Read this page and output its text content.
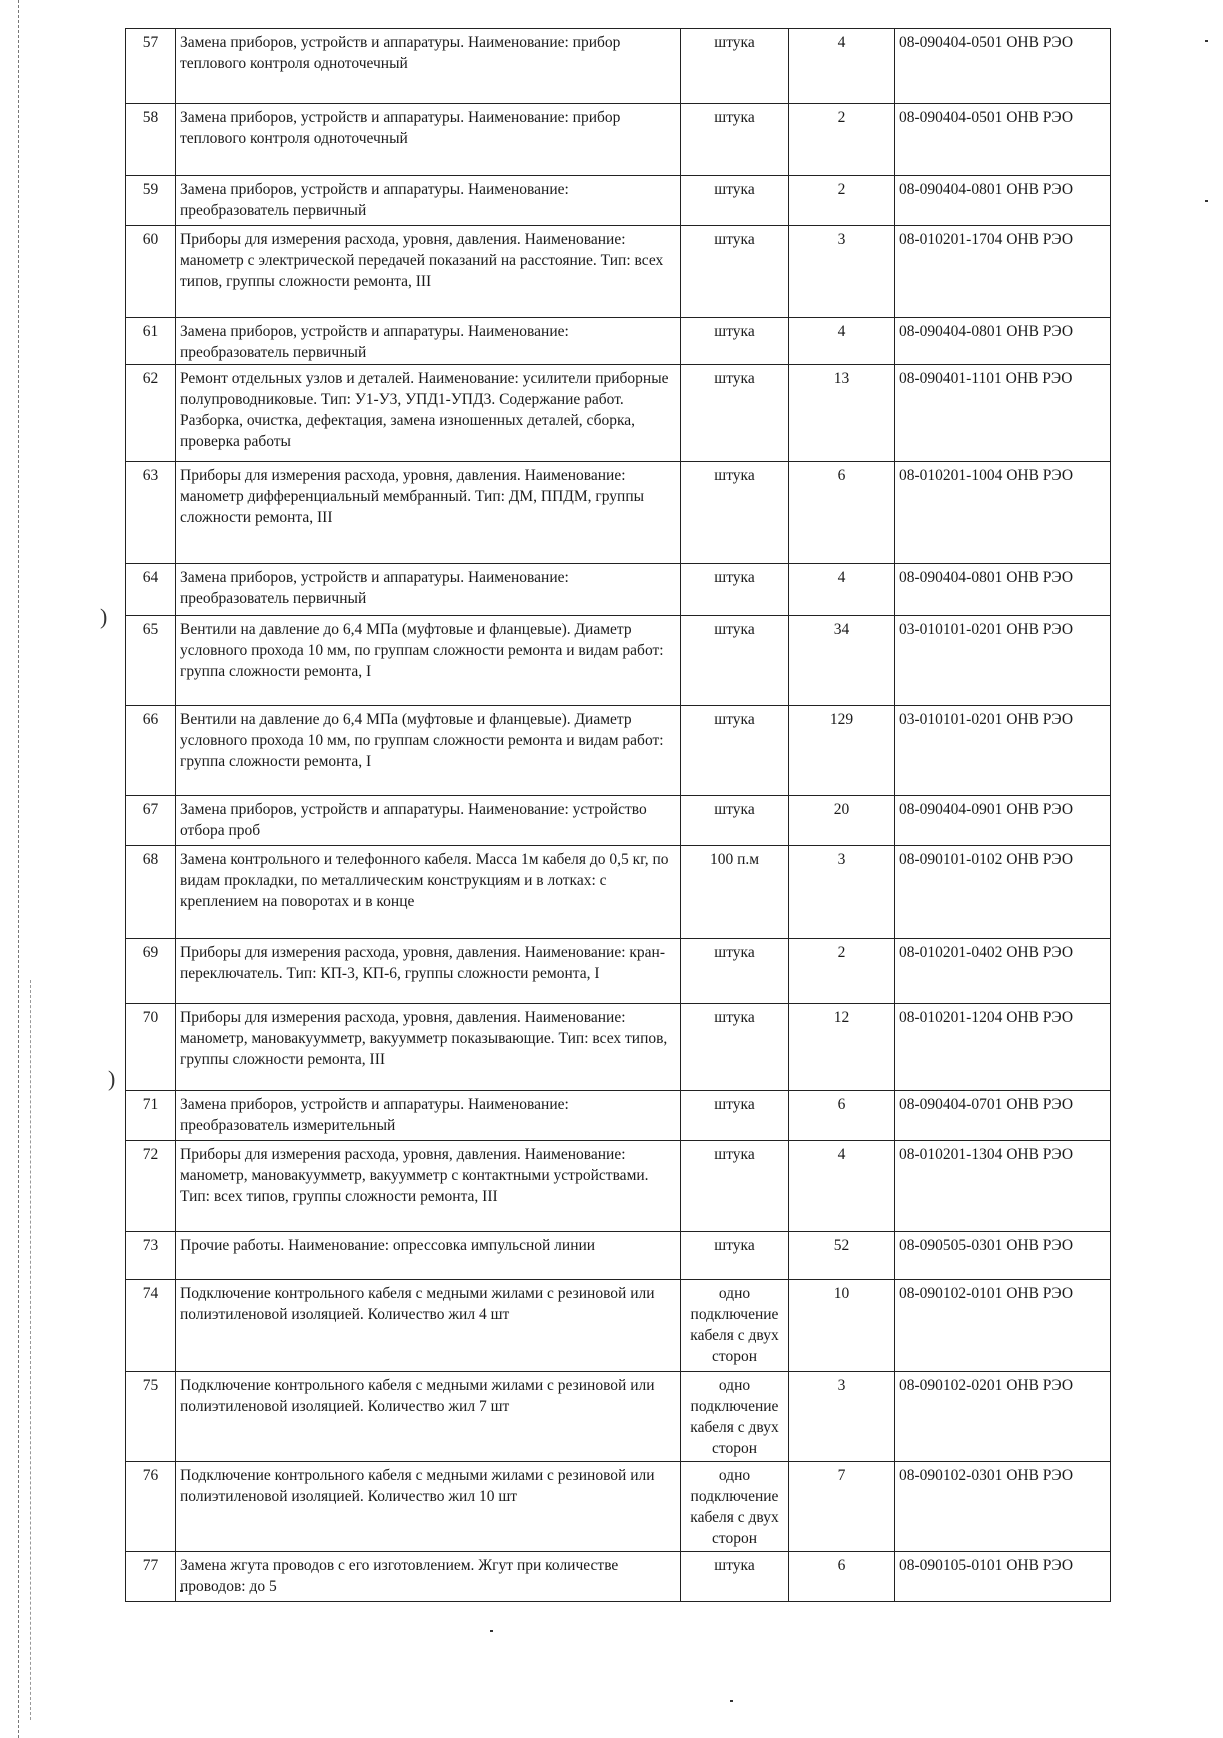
)
)
57	Замена приборов, устройств и аппаратуры. Наименование: прибор теплового контроля одноточечный	штука	4	08-090404-0501 ОНВ РЭО
58	Замена приборов, устройств и аппаратуры. Наименование: прибор теплового контроля одноточечный	штука	2	08-090404-0501 ОНВ РЭО
59	Замена приборов, устройств и аппаратуры. Наименование: преобразователь первичный	штука	2	08-090404-0801 ОНВ РЭО
60	Приборы для измерения расхода, уровня, давления. Наименование: манометр с электрической передачей показаний на расстояние. Тип: всех типов, группы сложности ремонта, III	штука	3	08-010201-1704 ОНВ РЭО
61	Замена приборов, устройств и аппаратуры. Наименование: преобразователь первичный	штука	4	08-090404-0801 ОНВ РЭО
62	Ремонт отдельных узлов и деталей. Наименование: усилители приборные полупроводниковые. Тип: У1-У3, УПД1-УПД3. Содержание работ. Разборка, очистка, дефектация, замена изношенных деталей, сборка, проверка работы	штука	13	08-090401-1101 ОНВ РЭО
63	Приборы для измерения расхода, уровня, давления. Наименование: манометр дифференциальный мембранный. Тип: ДМ, ППДМ, группы сложности ремонта, III	штука	6	08-010201-1004 ОНВ РЭО
64	Замена приборов, устройств и аппаратуры. Наименование: преобразователь первичный	штука	4	08-090404-0801 ОНВ РЭО
65	Вентили на давление до 6,4 МПа (муфтовые и фланцевые). Диаметр условного прохода 10 мм, по группам сложности ремонта и видам работ: группа сложности ремонта, I	штука	34	03-010101-0201 ОНВ РЭО
66	Вентили на давление до 6,4 МПа (муфтовые и фланцевые). Диаметр условного прохода 10 мм, по группам сложности ремонта и видам работ: группа сложности ремонта, I	штука	129	03-010101-0201 ОНВ РЭО
67	Замена приборов, устройств и аппаратуры. Наименование: устройство отбора проб	штука	20	08-090404-0901 ОНВ РЭО
68	Замена контрольного и телефонного кабеля. Масса 1м кабеля до 0,5 кг, по видам прокладки, по металлическим конструкциям и в лотках: с креплением на поворотах и в конце	100 п.м	3	08-090101-0102 ОНВ РЭО
69	Приборы для измерения расхода, уровня, давления. Наименование: кран-переключатель. Тип: КП-3, КП-6, группы сложности ремонта, I	штука	2	08-010201-0402 ОНВ РЭО
70	Приборы для измерения расхода, уровня, давления. Наименование: манометр, мановакуумметр, вакуумметр показывающие. Тип: всех типов, группы сложности ремонта, III	штука	12	08-010201-1204 ОНВ РЭО
71	Замена приборов, устройств и аппаратуры. Наименование: преобразователь измерительный	штука	6	08-090404-0701 ОНВ РЭО
72	Приборы для измерения расхода, уровня, давления. Наименование: манометр, мановакуумметр, вакуумметр с контактными устройствами. Тип: всех типов, группы сложности ремонта, III	штука	4	08-010201-1304 ОНВ РЭО
73	Прочие работы. Наименование: опрессовка импульсной линии	штука	52	08-090505-0301 ОНВ РЭО
74	Подключение контрольного кабеля с медными жилами с резиновой или полиэтиленовой изоляцией. Количество жил 4 шт	одно подключение кабеля с двух сторон	10	08-090102-0101 ОНВ РЭО
75	Подключение контрольного кабеля с медными жилами с резиновой или полиэтиленовой изоляцией. Количество жил 7 шт	одно подключение кабеля с двух сторон	3	08-090102-0201 ОНВ РЭО
76	Подключение контрольного кабеля с медными жилами с резиновой или полиэтиленовой изоляцией. Количество жил 10 шт	одно подключение кабеля с двух сторон	7	08-090102-0301 ОНВ РЭО
77	Замена жгута проводов с его изготовлением. Жгут при количестве проводов: до 5	штука	6	08-090105-0101 ОНВ РЭО
